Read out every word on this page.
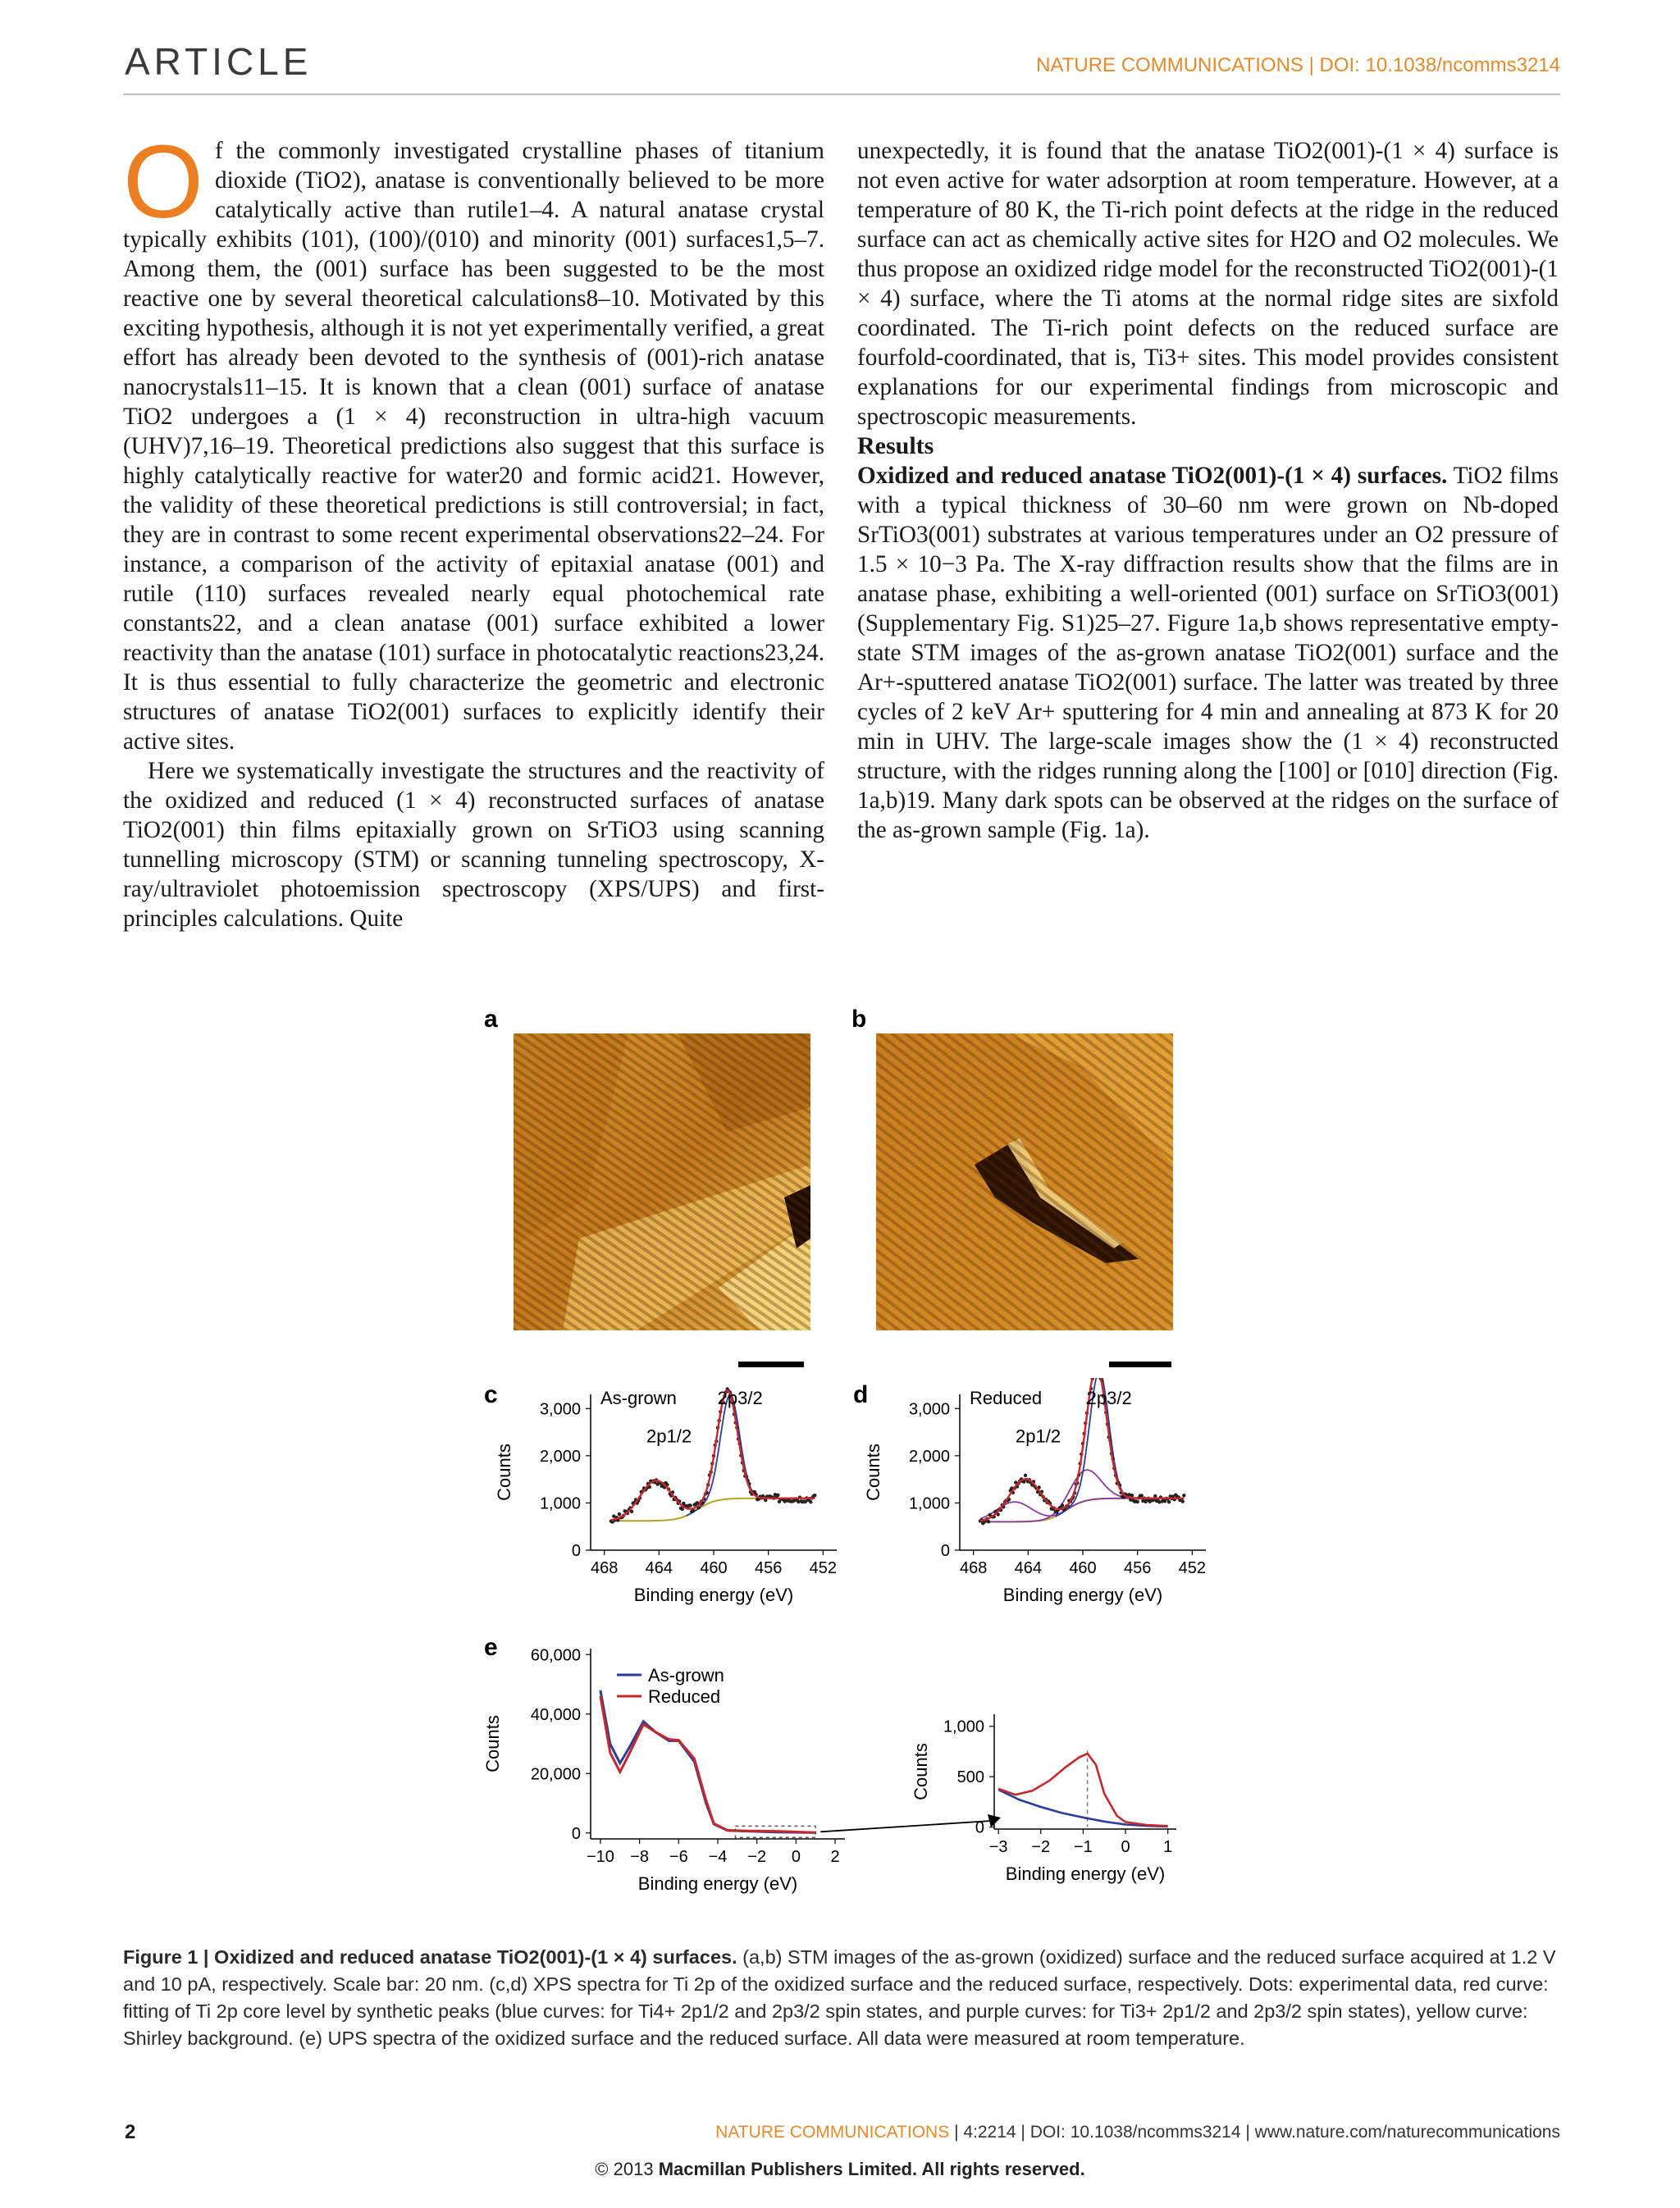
ARTICLE	NATURE COMMUNICATIONS | DOI: 10.1038/ncomms3214

Of the commonly investigated crystalline phases of titanium dioxide (TiO2), anatase is conventionally believed to be more catalytically active than rutile1–4. A natural anatase crystal typically exhibits (101), (100)/(010) and minority (001) surfaces1,5–7. Among them, the (001) surface has been suggested to be the most reactive one by several theoretical calculations8–10. Motivated by this exciting hypothesis, although it is not yet experimentally verified, a great effort has already been devoted to the synthesis of (001)-rich anatase nanocrystals11–15. It is known that a clean (001) surface of anatase TiO2 undergoes a (1 × 4) reconstruction in ultra-high vacuum (UHV)7,16–19. Theoretical predictions also suggest that this surface is highly catalytically reactive for water20 and formic acid21. However, the validity of these theoretical predictions is still controversial; in fact, they are in contrast to some recent experimental observations22–24. For instance, a comparison of the activity of epitaxial anatase (001) and rutile (110) surfaces revealed nearly equal photochemical rate constants22, and a clean anatase (001) surface exhibited a lower reactivity than the anatase (101) surface in photocatalytic reactions23,24. It is thus essential to fully characterize the geometric and electronic structures of anatase TiO2(001) surfaces to explicitly identify their active sites.

Here we systematically investigate the structures and the reactivity of the oxidized and reduced (1 × 4) reconstructed surfaces of anatase TiO2(001) thin films epitaxially grown on SrTiO3 using scanning tunnelling microscopy (STM) or scanning tunneling spectroscopy, X-ray/ultraviolet photoemission spectroscopy (XPS/UPS) and first-principles calculations. Quite

unexpectedly, it is found that the anatase TiO2(001)-(1 × 4) surface is not even active for water adsorption at room temperature. However, at a temperature of 80 K, the Ti-rich point defects at the ridge in the reduced surface can act as chemically active sites for H2O and O2 molecules. We thus propose an oxidized ridge model for the reconstructed TiO2(001)-(1 × 4) surface, where the Ti atoms at the normal ridge sites are sixfold coordinated. The Ti-rich point defects on the reduced surface are fourfold-coordinated, that is, Ti3+ sites. This model provides consistent explanations for our experimental findings from microscopic and spectroscopic measurements.

Results

Oxidized and reduced anatase TiO2(001)-(1 × 4) surfaces. TiO2 films with a typical thickness of 30–60 nm were grown on Nb-doped SrTiO3(001) substrates at various temperatures under an O2 pressure of 1.5 × 10−3 Pa. The X-ray diffraction results show that the films are in anatase phase, exhibiting a well-oriented (001) surface on SrTiO3(001) (Supplementary Fig. S1)25–27. Figure 1a,b shows representative empty-state STM images of the as-grown anatase TiO2(001) surface and the Ar+-sputtered anatase TiO2(001) surface. The latter was treated by three cycles of 2 keV Ar+ sputtering for 4 min and annealing at 873 K for 20 min in UHV. The large-scale images show the (1 × 4) reconstructed structure, with the ridges running along the [100] or [010] direction (Fig. 1a,b)19. Many dark spots can be observed at the ridges on the surface of the as-grown sample (Fig. 1a).

a	b
c
468 464 460 456 452
0
1,000
2,000
3,000
Binding energy (eV)
Counts
As-grown 2p3/2
2p1/2
d
468 464 460 456 452
0
1,000
2,000
3,000
Binding energy (eV)
Counts
Reduced 2p3/2
2p1/2
e
−10 −8 −6 −4 −2 0 2
0
20,000
40,000
60,000
Binding energy (eV)
Counts
As-grown
Reduced
−3 −2 −1 0 1
0
500
1,000
Binding energy (eV)
Counts
Figure 1 | Oxidized and reduced anatase TiO2(001)-(1 × 4) surfaces. (a,b) STM images of the as-grown (oxidized) surface and the reduced surface acquired at 1.2 V and 10 pA, respectively. Scale bar: 20 nm. (c,d) XPS spectra for Ti 2p of the oxidized surface and the reduced surface, respectively. Dots: experimental data, red curve: fitting of Ti 2p core level by synthetic peaks (blue curves: for Ti4+ 2p1/2 and 2p3/2 spin states, and purple curves: for Ti3+ 2p1/2 and 2p3/2 spin states), yellow curve: Shirley background. (e) UPS spectra of the oxidized surface and the reduced surface. All data were measured at room temperature.
2	NATURE COMMUNICATIONS | 4:2214 | DOI: 10.1038/ncomms3214 | www.nature.com/naturecommunications
© 2013 Macmillan Publishers Limited. All rights reserved.
